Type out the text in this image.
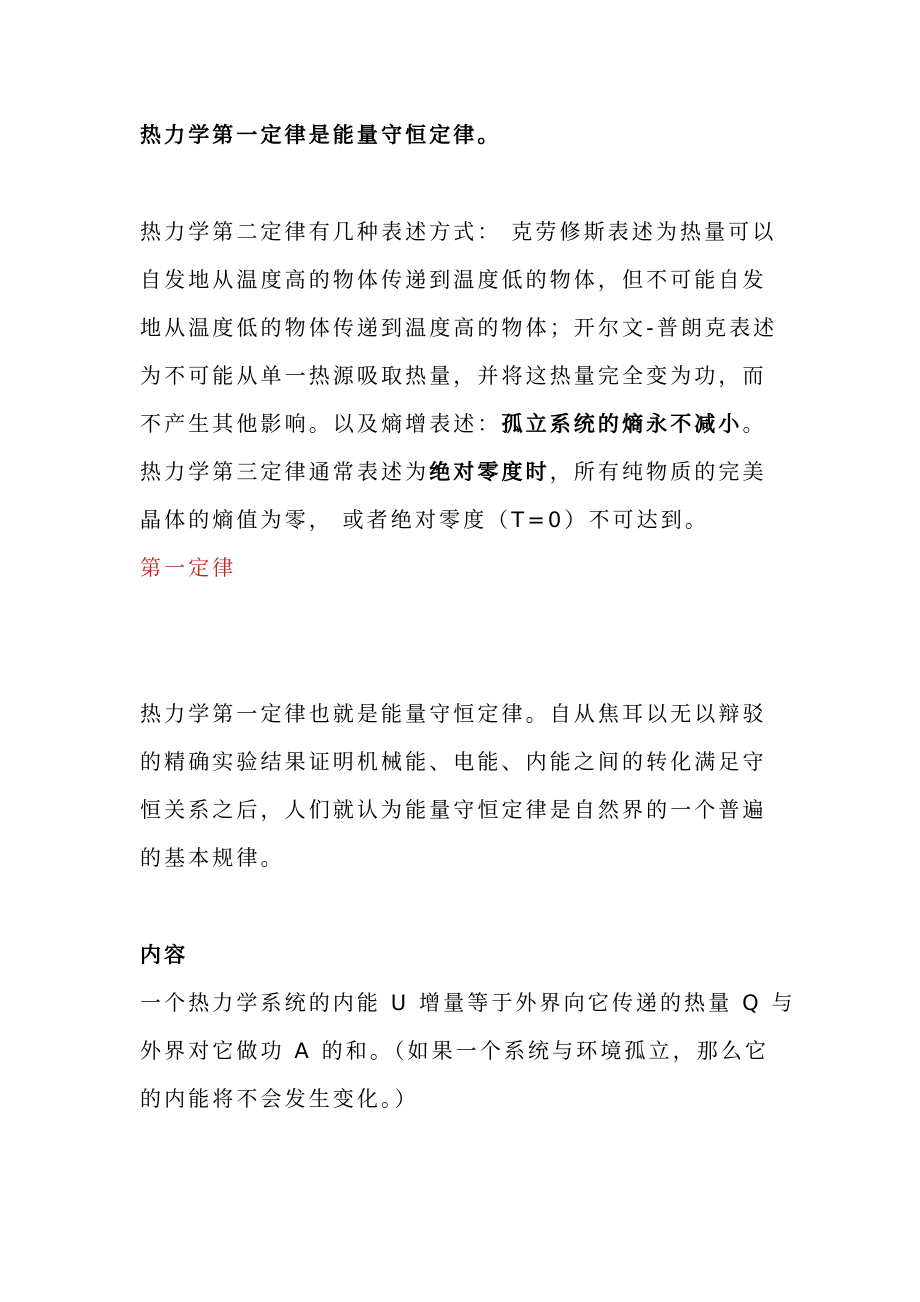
热力学第一定律是能量守恒定律。
热力学第二定律有几种表述方式： 克劳修斯表述为热量可以
自发地从温度高的物体传递到温度低的物体，但不可能自发
地从温度低的物体传递到温度高的物体；开尔文-普朗克表述
为不可能从单一热源吸取热量，并将这热量完全变为功，而
不产生其他影响。以及熵增表述：孤立系统的熵永不减小。
热力学第三定律通常表述为绝对零度时，所有纯物质的完美
晶体的熵值为零， 或者绝对零度（T=0）不可达到。
第一定律
热力学第一定律也就是能量守恒定律。自从焦耳以无以辩驳
的精确实验结果证明机械能、电能、内能之间的转化满足守
恒关系之后，人们就认为能量守恒定律是自然界的一个普遍
的基本规律。
内容
一个热力学系统的内能 U 增量等于外界向它传递的热量 Q 与
外界对它做功 A 的和。（如果一个系统与环境孤立，那么它
的内能将不会发生变化。）
